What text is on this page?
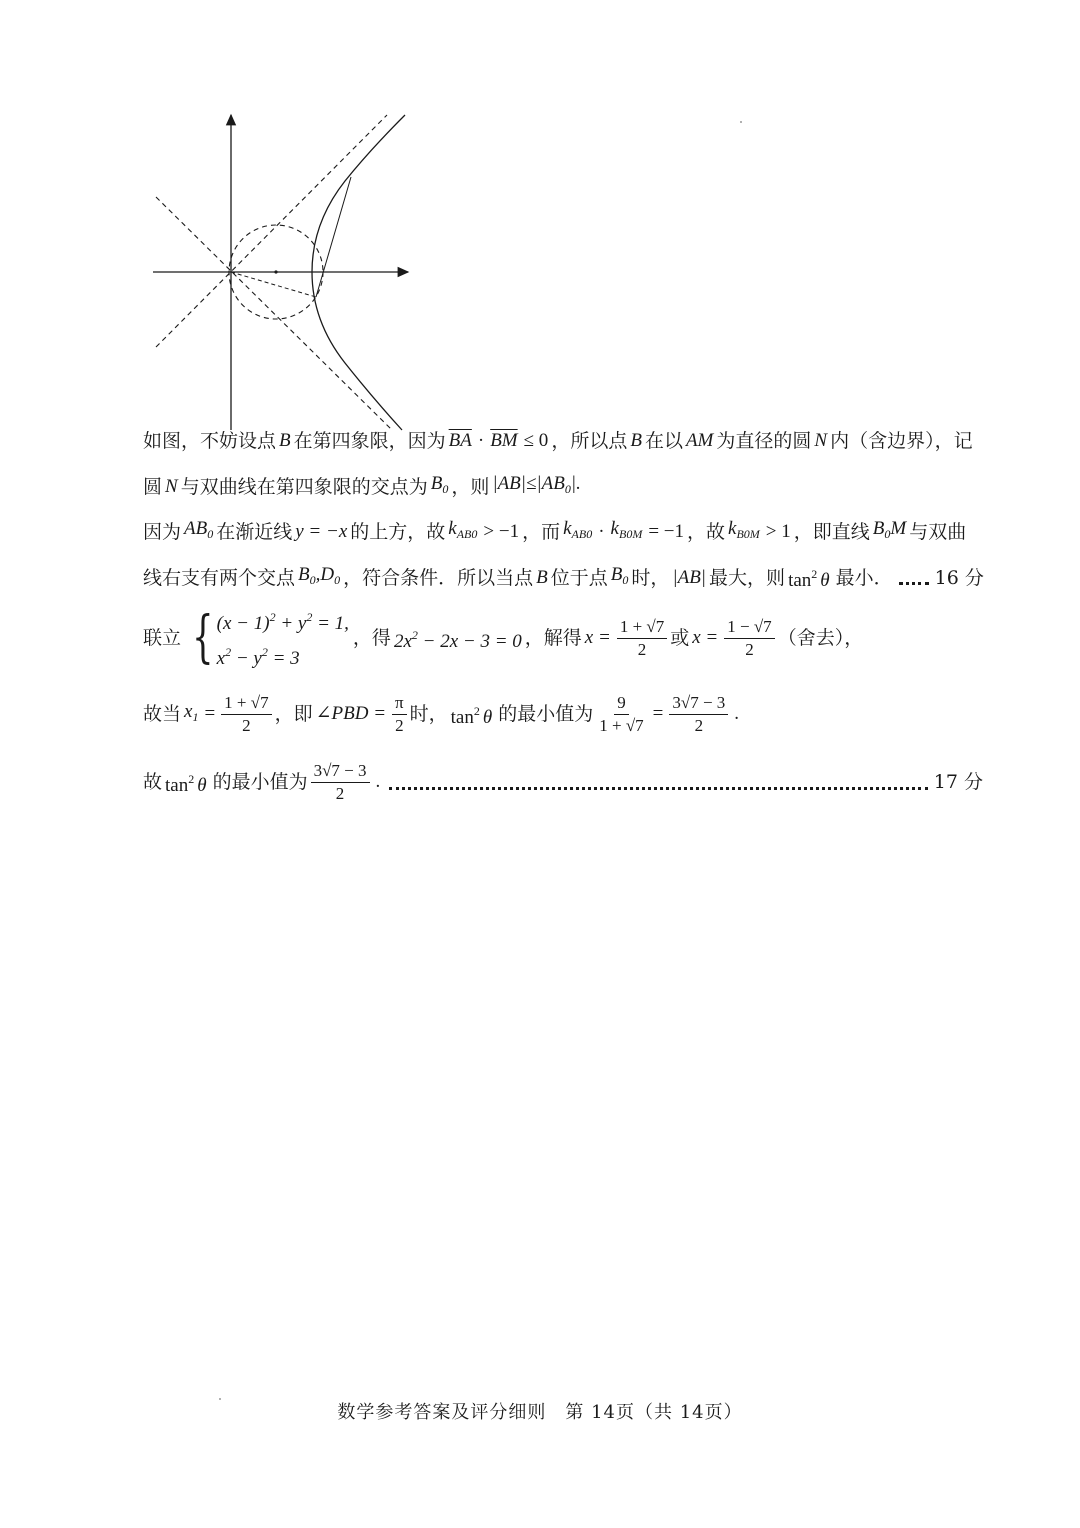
如图，不妨设点 B 在第四象限，因为 $\overline{BA} \cdot \overline{BM} \le 0$ ，所以点 B 在以 AM 为直径的圆 N 内（含边界），记
圆 N 与双曲线在第四象限的交点为 $B_0$ ，则 $|AB|\le|AB_0|$.
因为 $AB_0$ 在渐近线 y = −x 的上方，故 $k_{AB0} > -1$ ，而 $k_{AB0} \cdot k_{B0M} = -1$ ，故 $k_{B0M} > 1$ ，即直线 $B_0M$ 与双曲
线右支有两个交点 $B_0,D_0$ ，符合条件．所以当点 B 位于点 $B_0$ 时， |AB| 最大，则 $\tan^2 \theta$ 最小． 16 分
联立 { $(x - 1)^2 + y^2 = 1$,
$x^2 - y^2 = 3$
，得 $2x^2 - 2x - 3 = 0$ ，解得 $x = \frac{1 + √7}{2}$ 或 $x = \frac{1 - √7}{2}$ （舍去），
故当 $x_1 = \frac{1 + √7}{2}$ ，即 ∠PBD = $\frac{\pi}{2}$ 时， $\tan^2 \theta$ 的最小值为 $\frac{9}{1 + √7} = \frac{3√7 - 3}{2}$ .
故 $\tan^2 \theta$ 的最小值为 $\frac{3√7 - 3}{2}$ .	17 分
数学参考答案及评分细则　第 14页（共 14页）
